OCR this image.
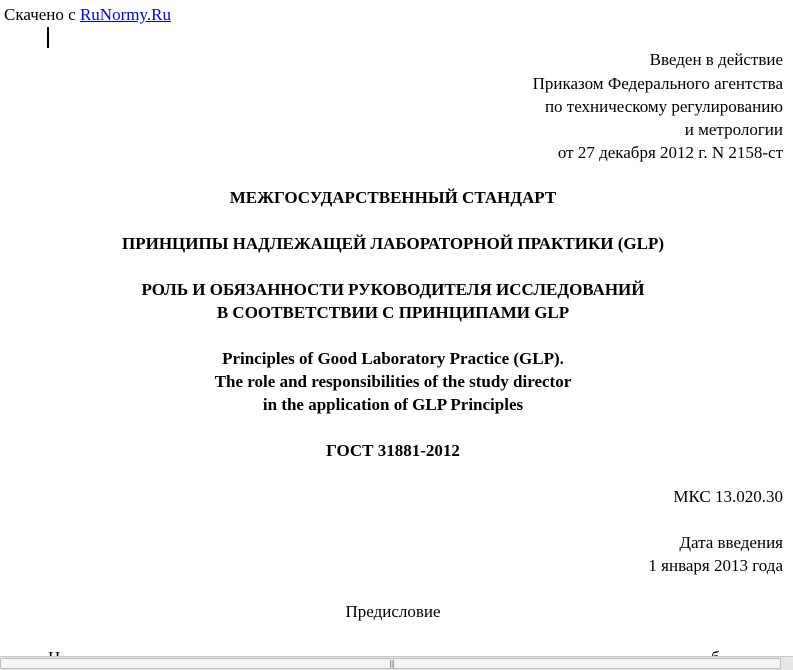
Скачено с RuNormy.Ru
Введен в действие
Приказом Федерального агентства
по техническому регулированию
и метрологии
от 27 декабря 2012 г. N 2158-ст
МЕЖГОСУДАРСТВЕННЫЙ СТАНДАРТ
ПРИНЦИПЫ НАДЛЕЖАЩЕЙ ЛАБОРАТОРНОЙ ПРАКТИКИ (GLP)
РОЛЬ И ОБЯЗАННОСТИ РУКОВОДИТЕЛЯ ИССЛЕДОВАНИЙ
В СООТВЕТСТВИИ С ПРИНЦИПАМИ GLP
Principles of Good Laboratory Practice (GLP).
The role and responsibilities of the study director
in the application of GLP Principles
ГОСТ 31881-2012
МКС 13.020.30
Дата введения
1 января 2013 года
Предисловие
|||
